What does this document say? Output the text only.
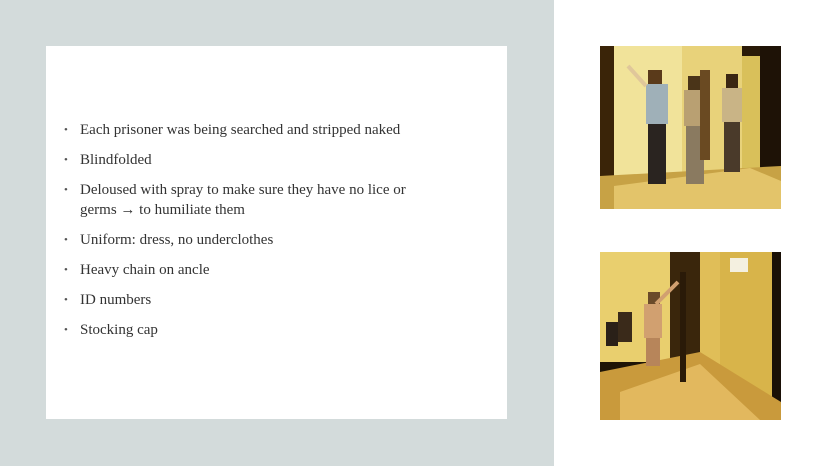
• Each prisoner was being searched and stripped naked
• Blindfolded
• Deloused with spray to make sure they have no lice or germs → to humiliate them
• Uniform: dress, no underclothes
• Heavy chain on ancle
• ID numbers
• Stocking cap
